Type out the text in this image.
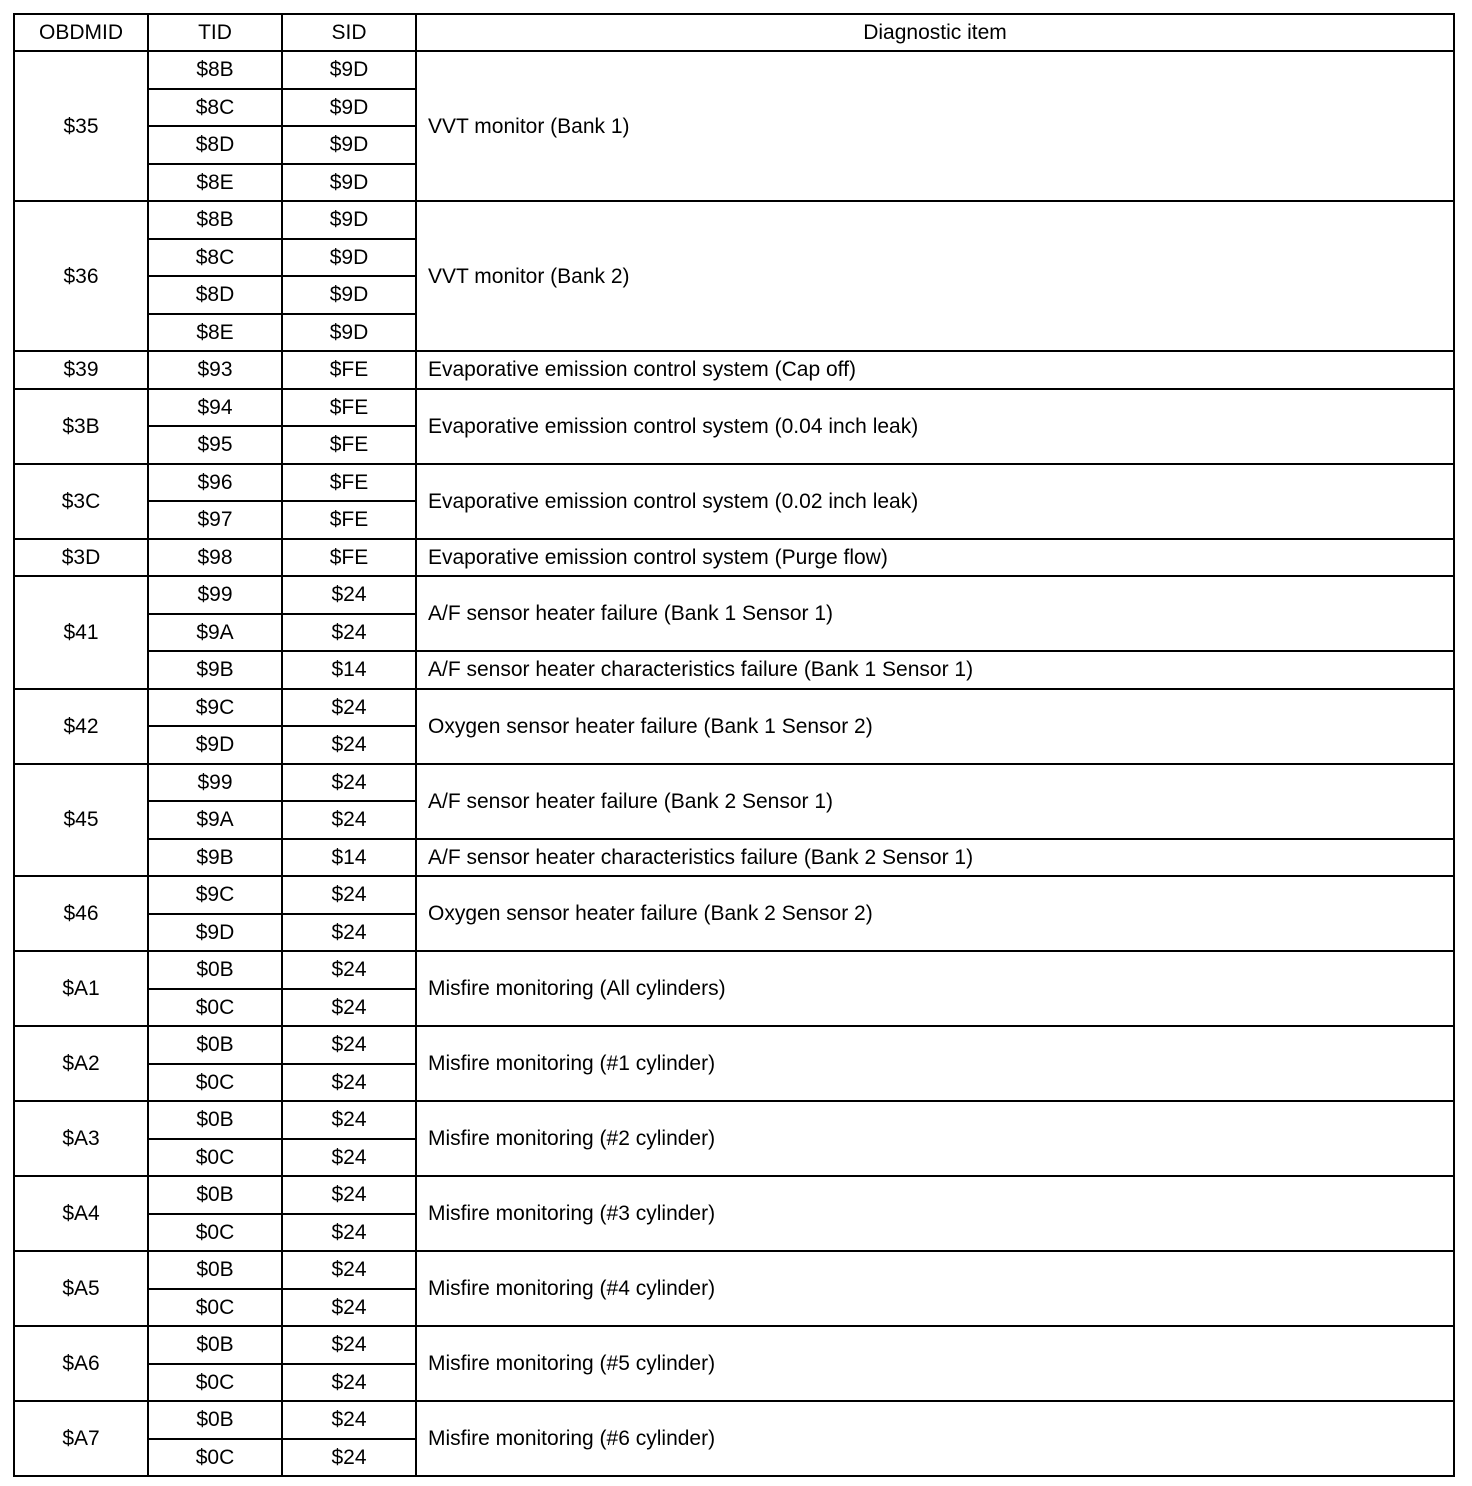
OBDMID	TID	SID	Diagnostic item
$35	$8B	$9D	VVT monitor (Bank 1)
	$8C	$9D	
	$8D	$9D	
	$8E	$9D	
$36	$8B	$9D	VVT monitor (Bank 2)
	$8C	$9D	
	$8D	$9D	
	$8E	$9D	
$39	$93	$FE	Evaporative emission control system (Cap off)
$3B	$94	$FE	Evaporative emission control system (0.04 inch leak)
	$95	$FE	
$3C	$96	$FE	Evaporative emission control system (0.02 inch leak)
	$97	$FE	
$3D	$98	$FE	Evaporative emission control system (Purge flow)
$41	$99	$24	A/F sensor heater failure (Bank 1 Sensor 1)
	$9A	$24	
	$9B	$14	A/F sensor heater characteristics failure (Bank 1 Sensor 1)
$42	$9C	$24	Oxygen sensor heater failure (Bank 1 Sensor 2)
	$9D	$24	
$45	$99	$24	A/F sensor heater failure (Bank 2 Sensor 1)
	$9A	$24	
	$9B	$14	A/F sensor heater characteristics failure (Bank 2 Sensor 1)
$46	$9C	$24	Oxygen sensor heater failure (Bank 2 Sensor 2)
	$9D	$24	
$A1	$0B	$24	Misfire monitoring (All cylinders)
	$0C	$24	
$A2	$0B	$24	Misfire monitoring (#1 cylinder)
	$0C	$24	
$A3	$0B	$24	Misfire monitoring (#2 cylinder)
	$0C	$24	
$A4	$0B	$24	Misfire monitoring (#3 cylinder)
	$0C	$24	
$A5	$0B	$24	Misfire monitoring (#4 cylinder)
	$0C	$24	
$A6	$0B	$24	Misfire monitoring (#5 cylinder)
	$0C	$24	
$A7	$0B	$24	Misfire monitoring (#6 cylinder)
	$0C	$24	
